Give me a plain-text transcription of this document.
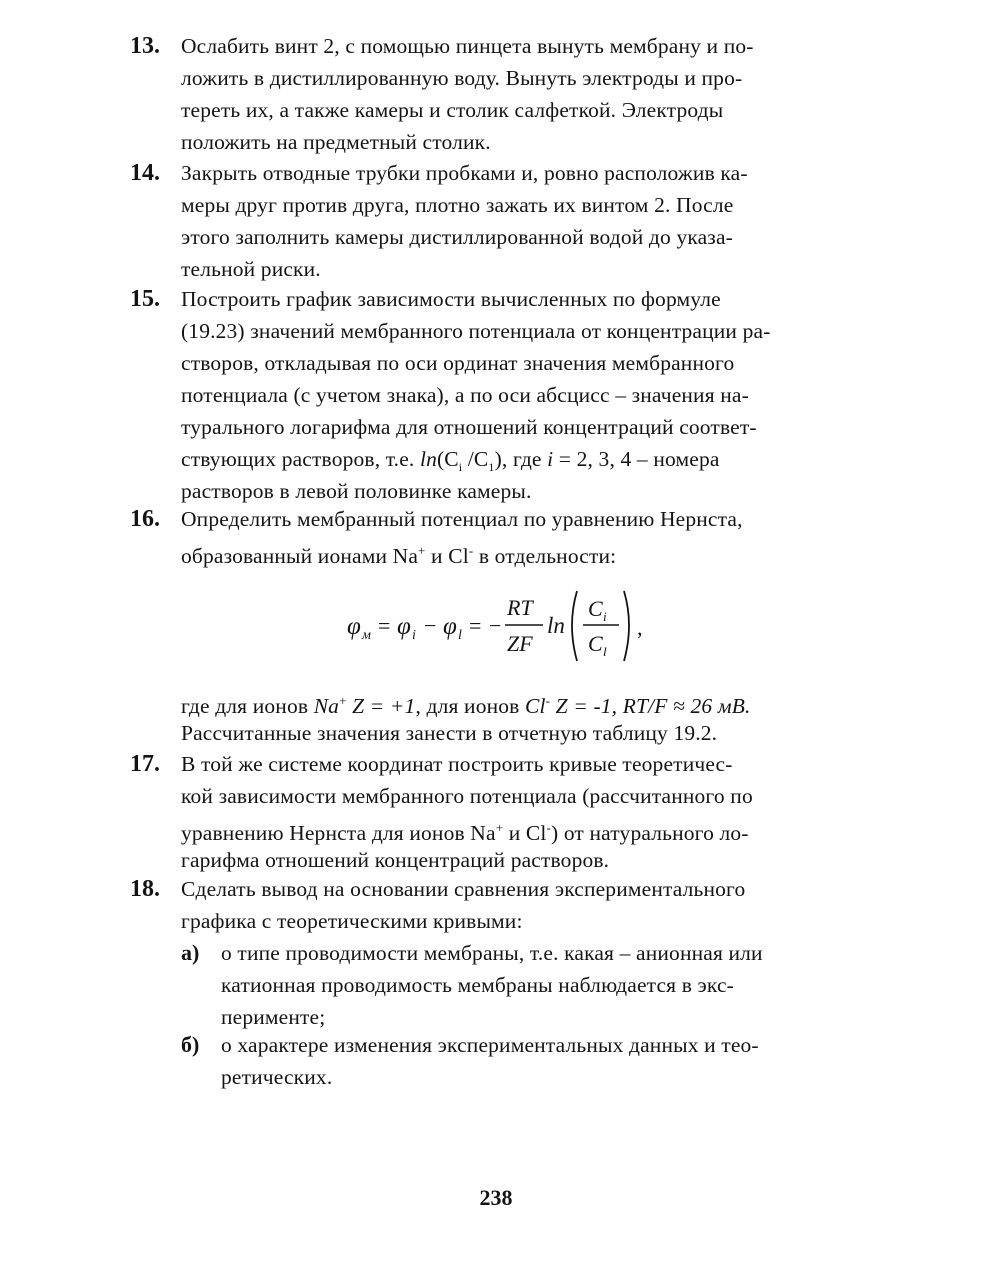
13. Ослабить винт 2, с помощью пинцета вынуть мембрану и по-
ложить в дистиллированную воду. Вынуть электроды и про-
тереть их, а также камеры и столик салфеткой. Электроды
положить на предметный столик.
14. Закрыть отводные трубки пробками и, ровно расположив ка-
меры друг против друга, плотно зажать их винтом 2. После
этого заполнить камеры дистиллированной водой до указа-
тельной риски.
15. Построить график зависимости вычисленных по формуле
(19.23) значений мембранного потенциала от концентрации ра-
створов, откладывая по оси ординат значения мембранного
потенциала (с учетом знака), а по оси абсцисс – значения на-
турального логарифма для отношений концентраций соответ-
ствующих растворов, т.е. $\ln(C_i$ $/C_1$), где i = 2, 3, 4 – номера
растворов в левой половинке камеры.
16. Определить мембранный потенциал по уравнению Нернста,
образованный ионами Na+ и Cl- в отдельности:
где для ионов Na+ Z = +1, для ионов Cl- Z = -1, RT/F ≈ 26 мВ.
Рассчитанные значения занести в отчетную таблицу 19.2.
φ м = φ i − φ l = −
RT
ZF
ln
C i
C l
,
17. В той же системе координат построить кривые теоретичес-
кой зависимости мембранного потенциала (рассчитанного по
уравнению Нернста для ионов Na+ и Cl-) от натурального ло-
гарифма отношений концентраций растворов.
18. Сделать вывод на основании сравнения экспериментального
графика с теоретическими кривыми:
а) о типе проводимости мембраны, т.е. какая – анионная или
катионная проводимость мембраны наблюдается в экс-
перименте;
б) о характере изменения экспериментальных данных и тео-
ретических.
238
